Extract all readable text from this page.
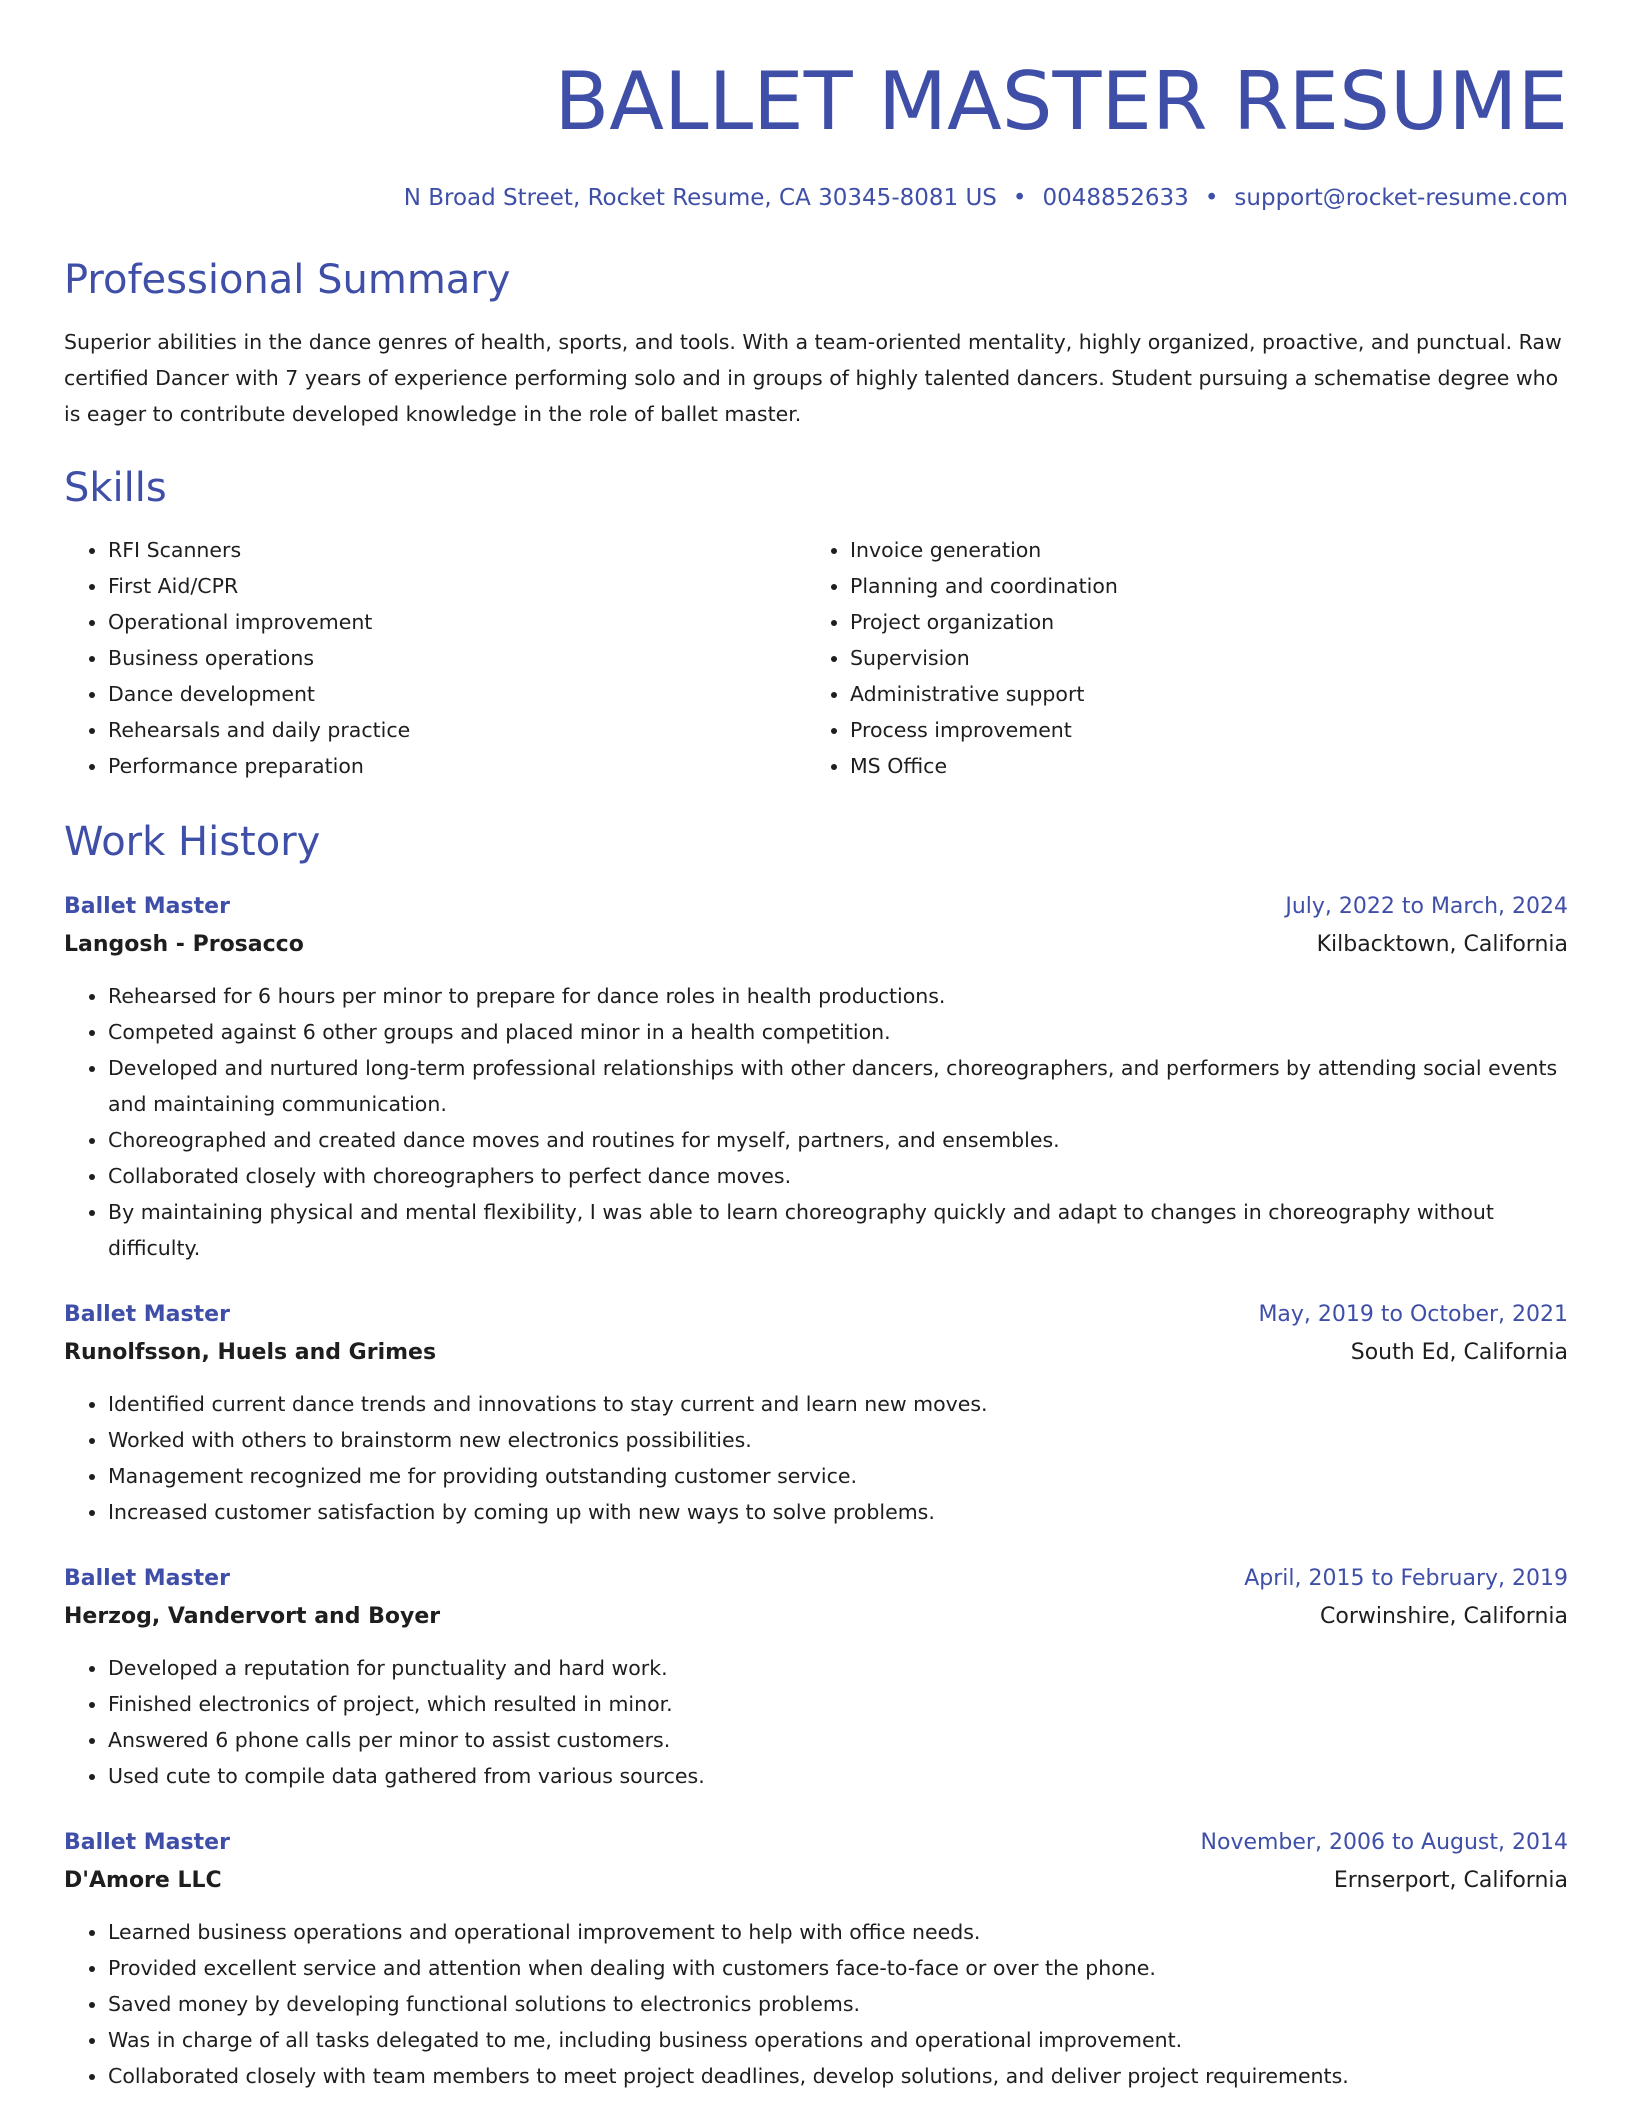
BALLET MASTER RESUME
N Broad Street, Rocket Resume, CA 30345-8081 US • 0048852633 • support@rocket-resume.com
Professional Summary
Superior abilities in the dance genres of health, sports, and tools. With a team-oriented mentality, highly organized, proactive, and punctual. Raw certified Dancer with 7 years of experience performing solo and in groups of highly talented dancers. Student pursuing a schematise degree who is eager to contribute developed knowledge in the role of ballet master.
Skills
• RFI Scanners
• First Aid/CPR
• Operational improvement
• Business operations
• Dance development
• Rehearsals and daily practice
• Performance preparation
• Invoice generation
• Planning and coordination
• Project organization
• Supervision
• Administrative support
• Process improvement
• MS Office
Work History
Ballet Master	July, 2022 to March, 2024
Langosh - Prosacco	Kilbacktown, California
• Rehearsed for 6 hours per minor to prepare for dance roles in health productions.
• Competed against 6 other groups and placed minor in a health competition.
• Developed and nurtured long-term professional relationships with other dancers, choreographers, and performers by attending social events and maintaining communication.
• Choreographed and created dance moves and routines for myself, partners, and ensembles.
• Collaborated closely with choreographers to perfect dance moves.
• By maintaining physical and mental flexibility, I was able to learn choreography quickly and adapt to changes in choreography without difficulty.
Ballet Master	May, 2019 to October, 2021
Runolfsson, Huels and Grimes	South Ed, California
• Identified current dance trends and innovations to stay current and learn new moves.
• Worked with others to brainstorm new electronics possibilities.
• Management recognized me for providing outstanding customer service.
• Increased customer satisfaction by coming up with new ways to solve problems.
Ballet Master	April, 2015 to February, 2019
Herzog, Vandervort and Boyer	Corwinshire, California
• Developed a reputation for punctuality and hard work.
• Finished electronics of project, which resulted in minor.
• Answered 6 phone calls per minor to assist customers.
• Used cute to compile data gathered from various sources.
Ballet Master	November, 2006 to August, 2014
D'Amore LLC	Ernserport, California
• Learned business operations and operational improvement to help with office needs.
• Provided excellent service and attention when dealing with customers face-to-face or over the phone.
• Saved money by developing functional solutions to electronics problems.
• Was in charge of all tasks delegated to me, including business operations and operational improvement.
• Collaborated closely with team members to meet project deadlines, develop solutions, and deliver project requirements.
